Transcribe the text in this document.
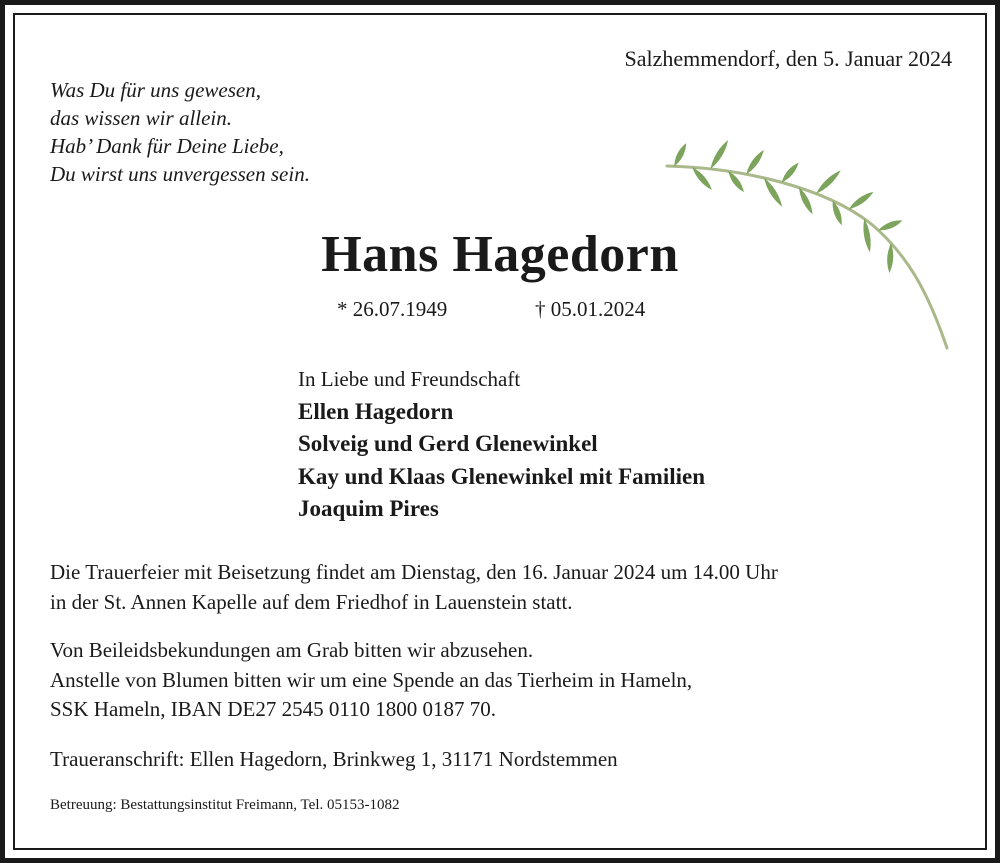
Salzhemmendorf, den 5. Januar 2024
Was Du für uns gewesen,
das wissen wir allein.
Hab’ Dank für Deine Liebe,
Du wirst uns unvergessen sein.
Hans Hagedorn
* 26.07.1949	† 05.01.2024
In Liebe und Freundschaft
Ellen Hagedorn
Solveig und Gerd Glenewinkel
Kay und Klaas Glenewinkel mit Familien
Joaquim Pires
Die Trauerfeier mit Beisetzung findet am Dienstag, den 16. Januar 2024 um 14.00 Uhr
in der St. Annen Kapelle auf dem Friedhof in Lauenstein statt.
Von Beileidsbekundungen am Grab bitten wir abzusehen.
Anstelle von Blumen bitten wir um eine Spende an das Tierheim in Hameln,
SSK Hameln, IBAN DE27 2545 0110 1800 0187 70.
Traueranschrift: Ellen Hagedorn, Brinkweg 1, 31171 Nordstemmen
Betreuung: Bestattungsinstitut Freimann, Tel. 05153-1082
